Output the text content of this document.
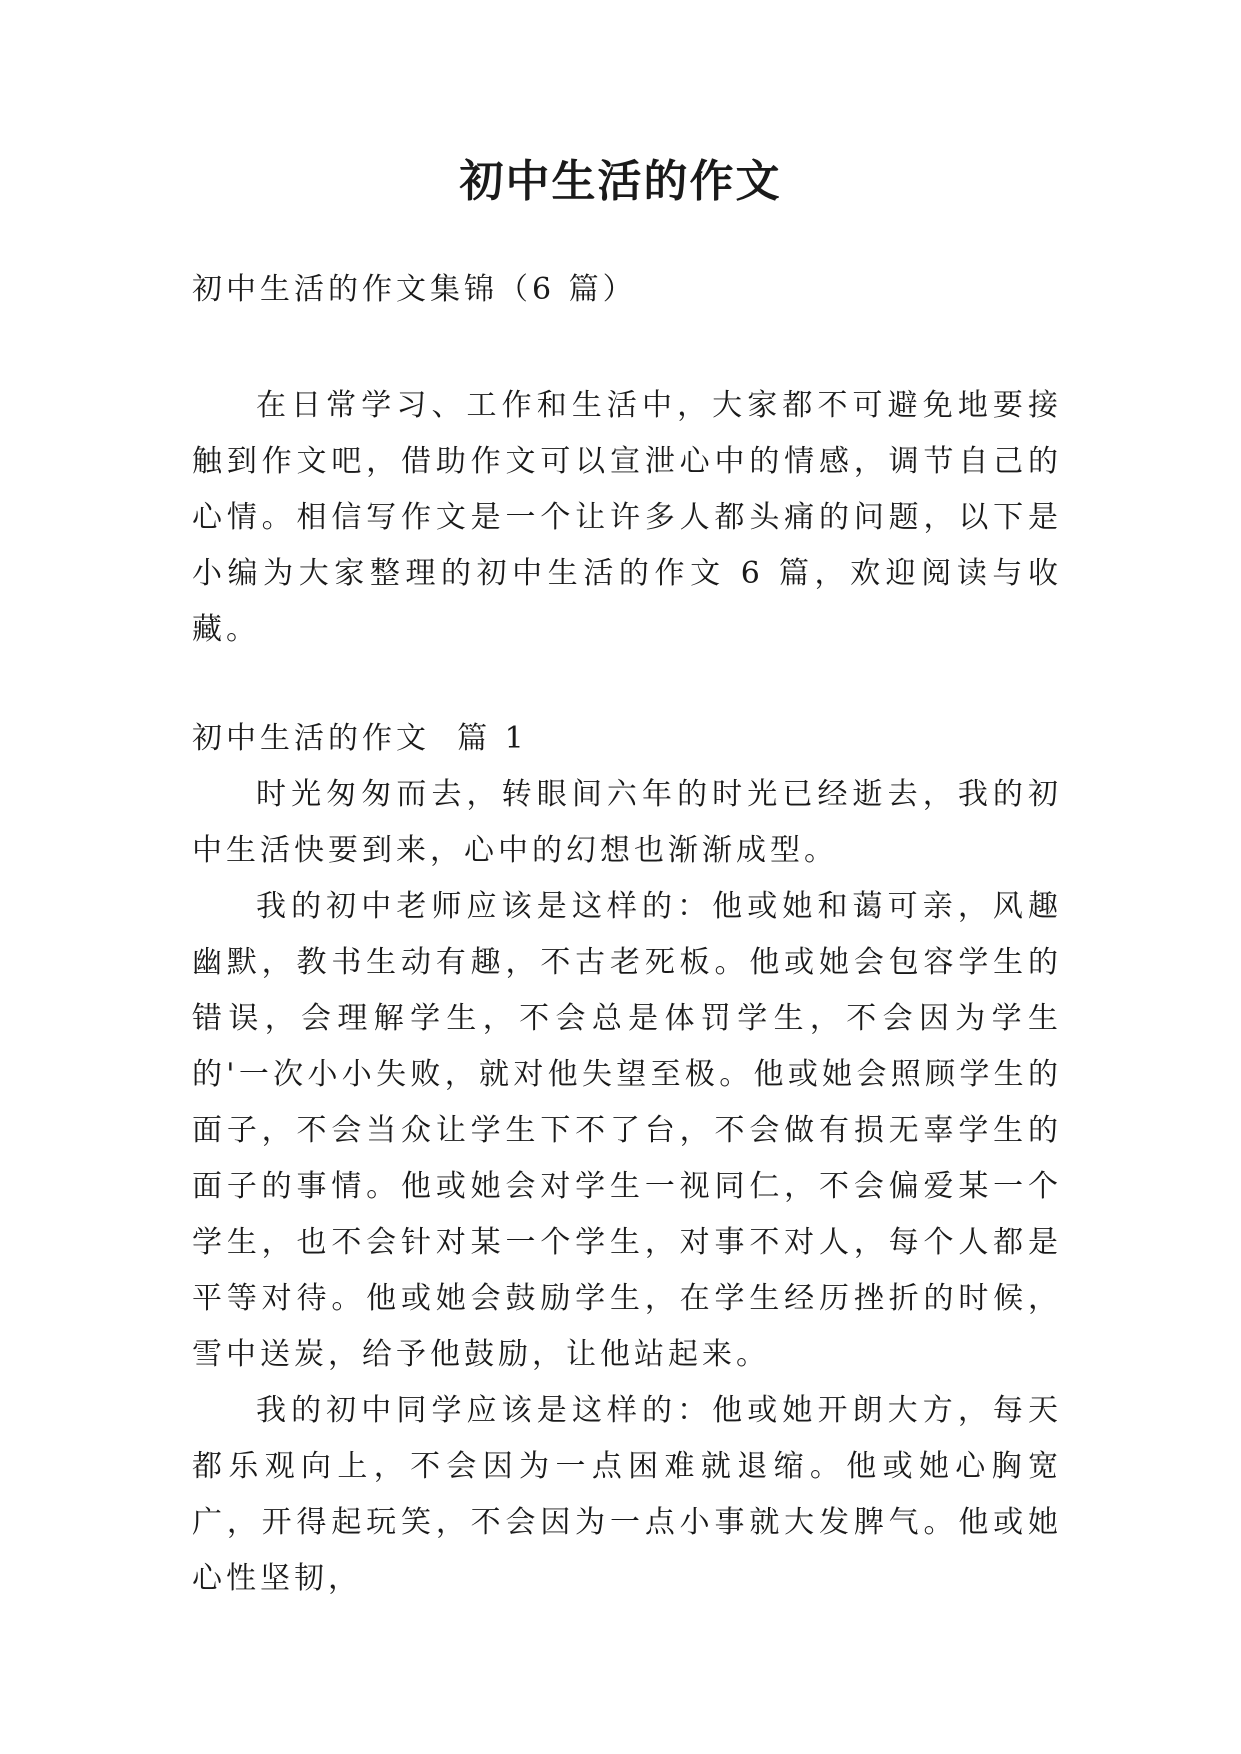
初中生活的作文

初中生活的作文集锦（6 篇）

在日常学习、工作和生活中，大家都不可避免地要接触到作文吧，借助作文可以宣泄心中的情感，调节自己的心情。相信写作文是一个让许多人都头痛的问题，以下是小编为大家整理的初中生活的作文 6 篇，欢迎阅读与收藏。

初中生活的作文  篇 1

时光匆匆而去，转眼间六年的时光已经逝去，我的初中生活快要到来，心中的幻想也渐渐成型。

我的初中老师应该是这样的：他或她和蔼可亲，风趣幽默，教书生动有趣，不古老死板。他或她会包容学生的错误，会理解学生，不会总是体罚学生，不会因为学生的'一次小小失败，就对他失望至极。他或她会照顾学生的面子，不会当众让学生下不了台，不会做有损无辜学生的面子的事情。他或她会对学生一视同仁，不会偏爱某一个学生，也不会针对某一个学生，对事不对人，每个人都是平等对待。他或她会鼓励学生，在学生经历挫折的时候，雪中送炭，给予他鼓励，让他站起来。

我的初中同学应该是这样的：他或她开朗大方，每天都乐观向上，不会因为一点困难就退缩。他或她心胸宽广，开得起玩笑，不会因为一点小事就大发脾气。他或她心性坚韧，
